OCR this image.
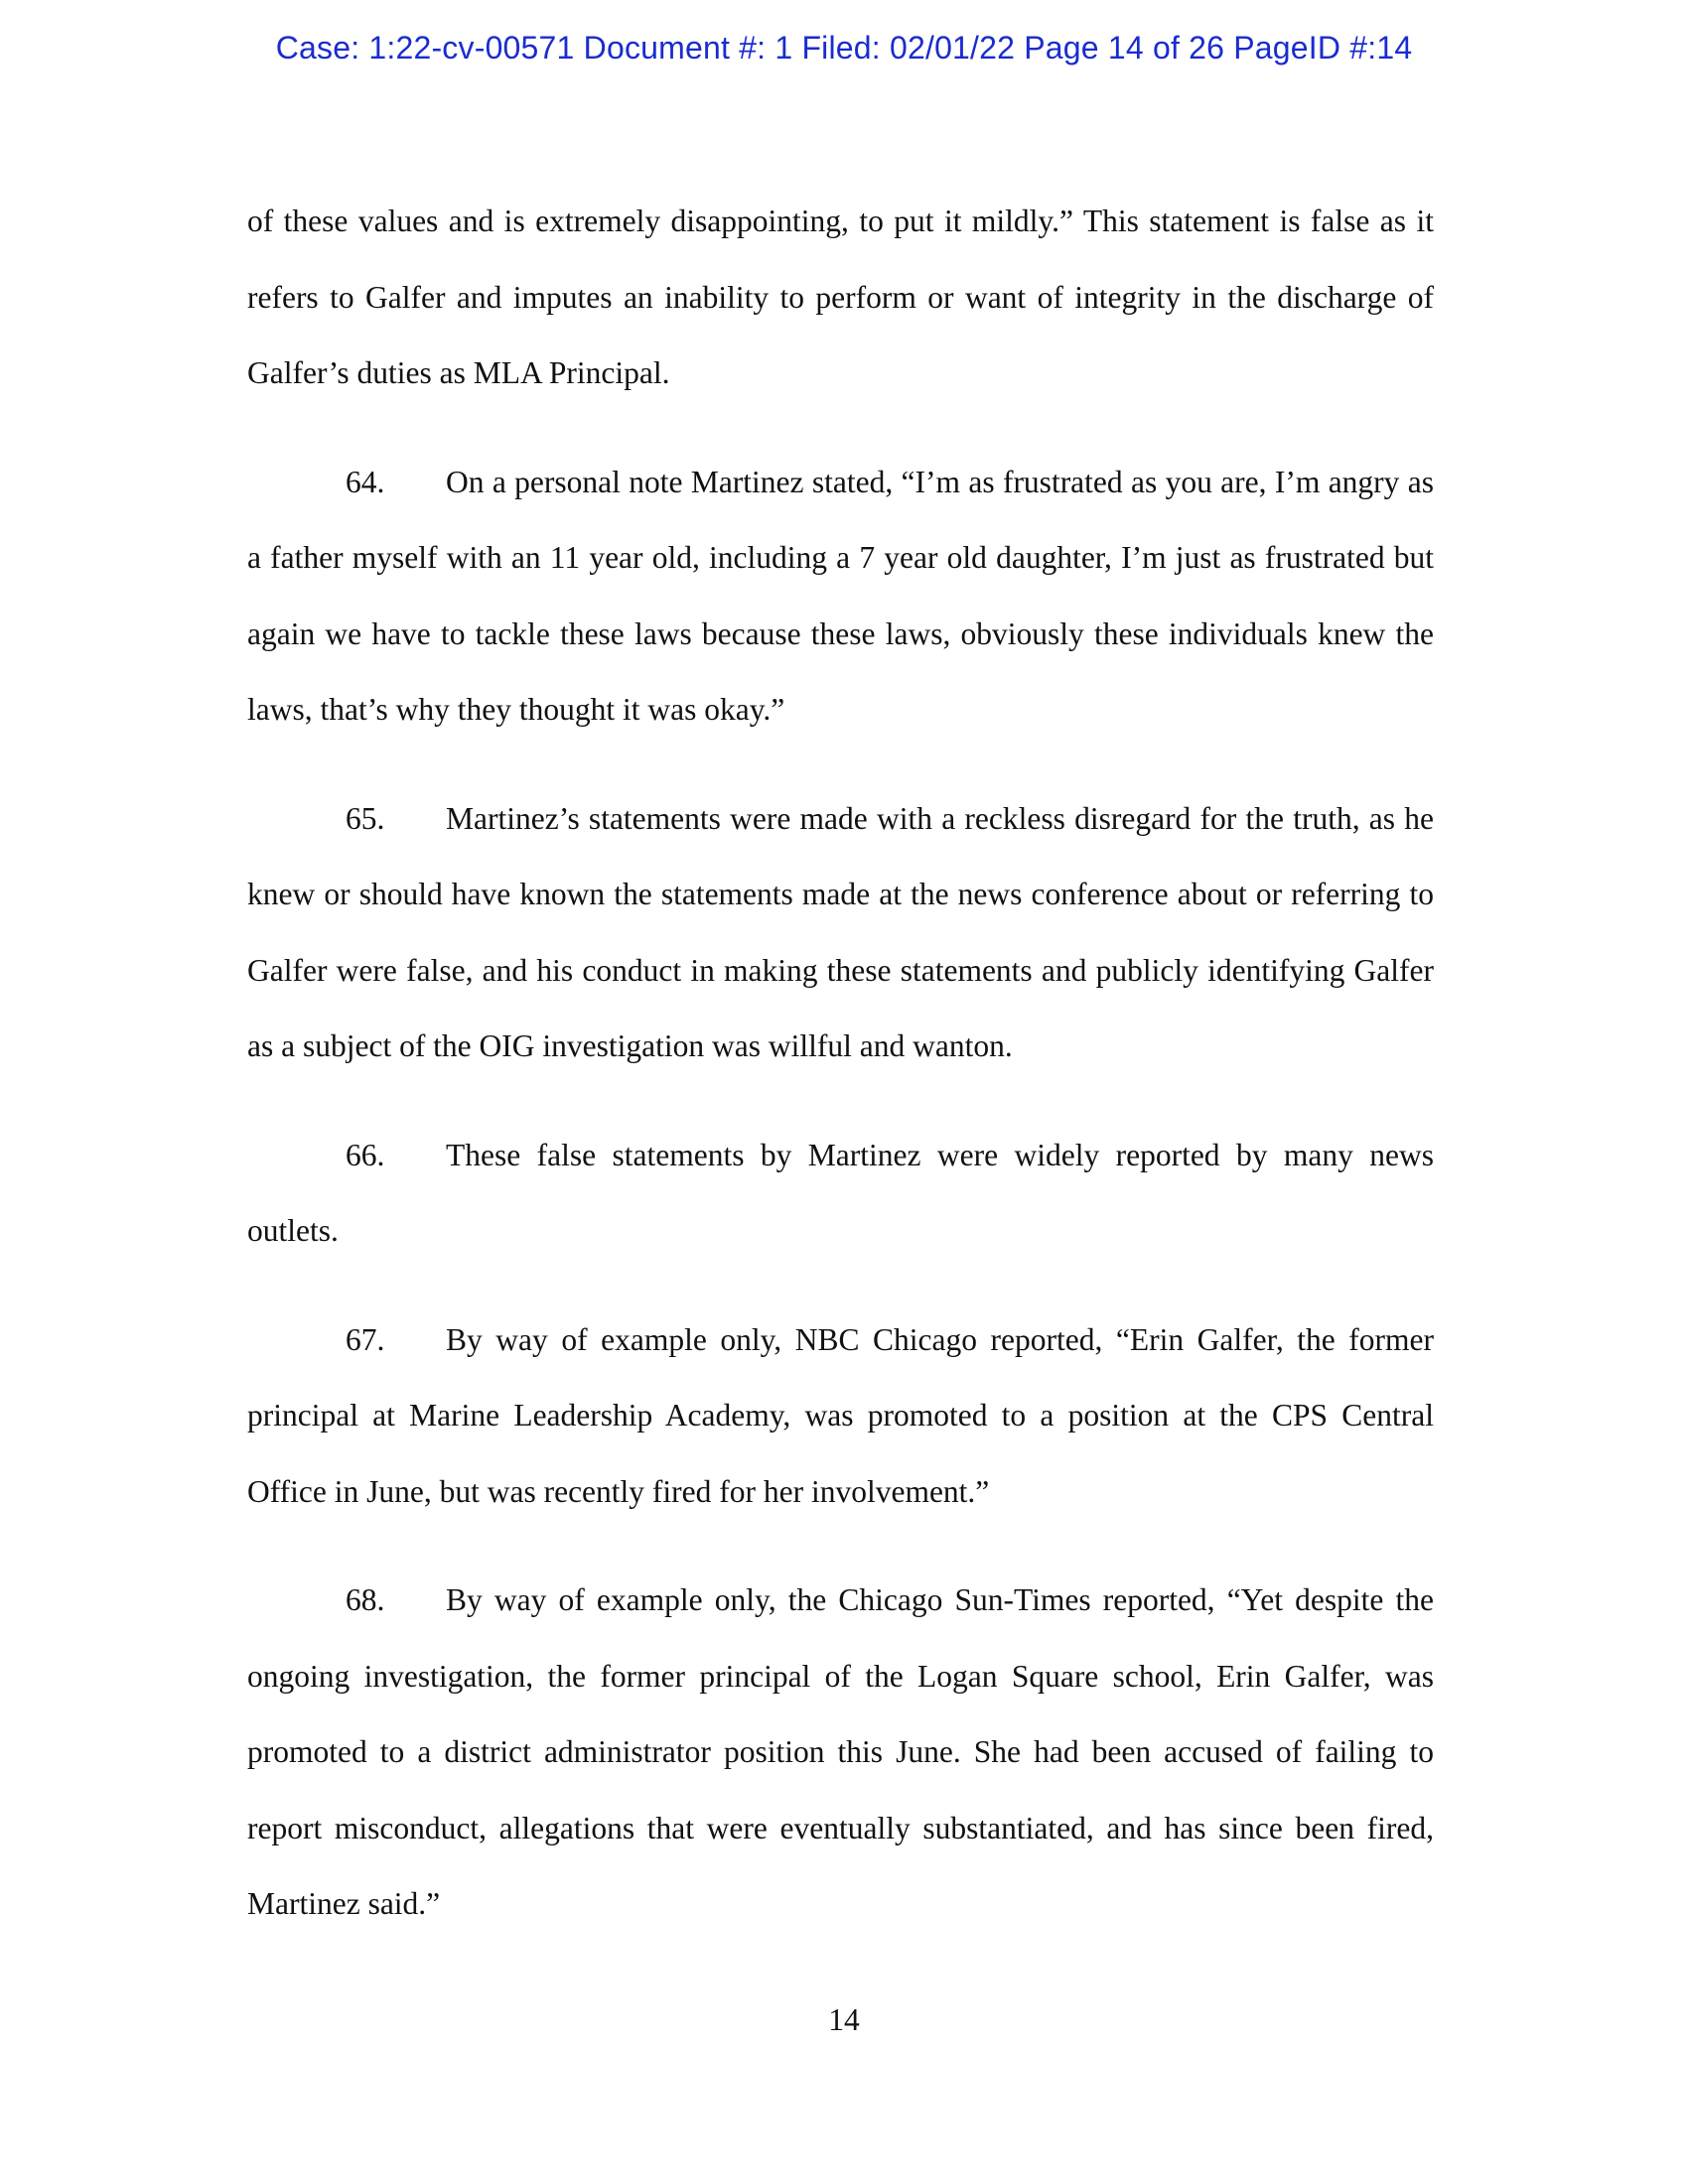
Case: 1:22-cv-00571 Document #: 1 Filed: 02/01/22 Page 14 of 26 PageID #:14

of these values and is extremely disappointing, to put it mildly.” This statement is false as it refers to Galfer and imputes an inability to perform or want of integrity in the discharge of Galfer’s duties as MLA Principal.

64. On a personal note Martinez stated, “I’m as frustrated as you are, I’m angry as a father myself with an 11 year old, including a 7 year old daughter, I’m just as frustrated but again we have to tackle these laws because these laws, obviously these individuals knew the laws, that’s why they thought it was okay.”

65. Martinez’s statements were made with a reckless disregard for the truth, as he knew or should have known the statements made at the news conference about or referring to Galfer were false, and his conduct in making these statements and publicly identifying Galfer as a subject of the OIG investigation was willful and wanton.

66. These false statements by Martinez were widely reported by many news outlets.

67. By way of example only, NBC Chicago reported, “Erin Galfer, the former principal at Marine Leadership Academy, was promoted to a position at the CPS Central Office in June, but was recently fired for her involvement.”

68. By way of example only, the Chicago Sun-Times reported, “Yet despite the ongoing investigation, the former principal of the Logan Square school, Erin Galfer, was promoted to a district administrator position this June. She had been accused of failing to report misconduct, allegations that were eventually substantiated, and has since been fired, Martinez said.”

14
